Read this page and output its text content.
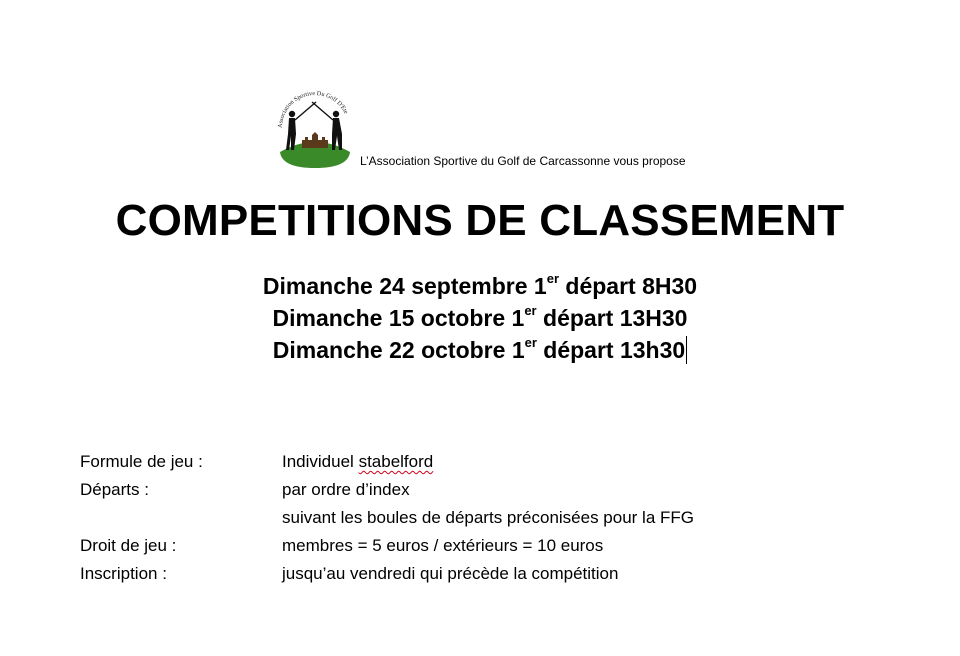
Association Sportive Du Golf D'Ete
L’Association Sportive du Golf de Carcassonne vous propose
COMPETITIONS DE CLASSEMENT
Dimanche 24 septembre 1er départ 8H30
Dimanche 15 octobre 1er départ 13H30
Dimanche 22 octobre 1er départ 13h30
Formule de jeu :	Individuel stabelford
Départs :	par ordre d’index
suivant les boules de départs préconisées pour la FFG
Droit de jeu :	membres = 5 euros / extérieurs = 10 euros
Inscription :	jusqu’au vendredi qui précède la compétition
